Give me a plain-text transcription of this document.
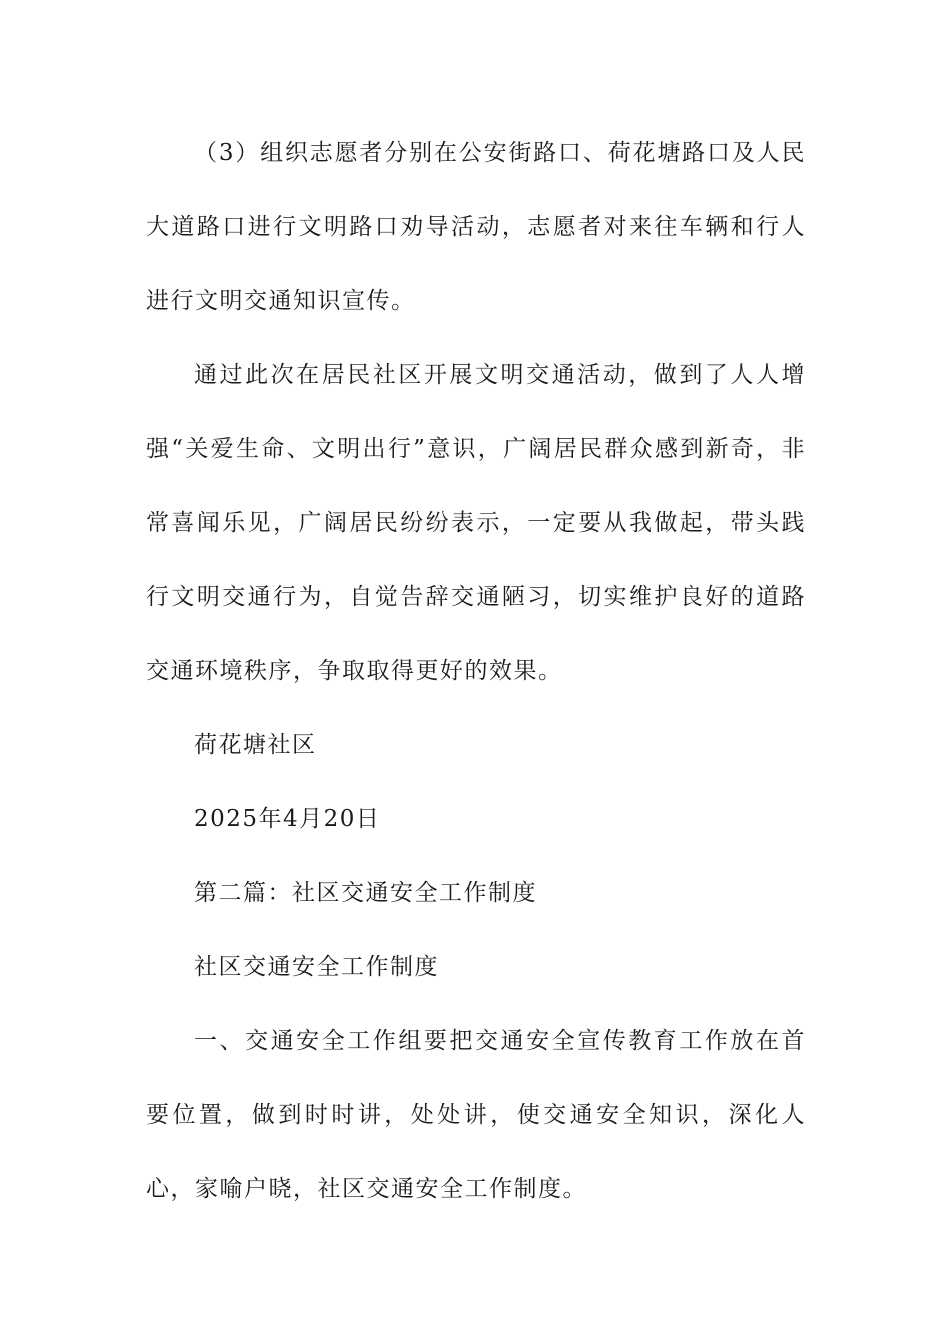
（3）组织志愿者分别在公安街路口、荷花塘路口及人民大道路口进行文明路口劝导活动，志愿者对来往车辆和行人进行文明交通知识宣传。

通过此次在居民社区开展文明交通活动，做到了人人增强“关爱生命、文明出行”意识，广阔居民群众感到新奇，非常喜闻乐见，广阔居民纷纷表示，一定要从我做起，带头践行文明交通行为，自觉告辞交通陋习，切实维护良好的道路交通环境秩序，争取取得更好的效果。

荷花塘社区

2025年4月20日

第二篇：社区交通安全工作制度

社区交通安全工作制度

一、交通安全工作组要把交通安全宣传教育工作放在首要位置，做到时时讲，处处讲，使交通安全知识，深化人心，家喻户晓，社区交通安全工作制度。
